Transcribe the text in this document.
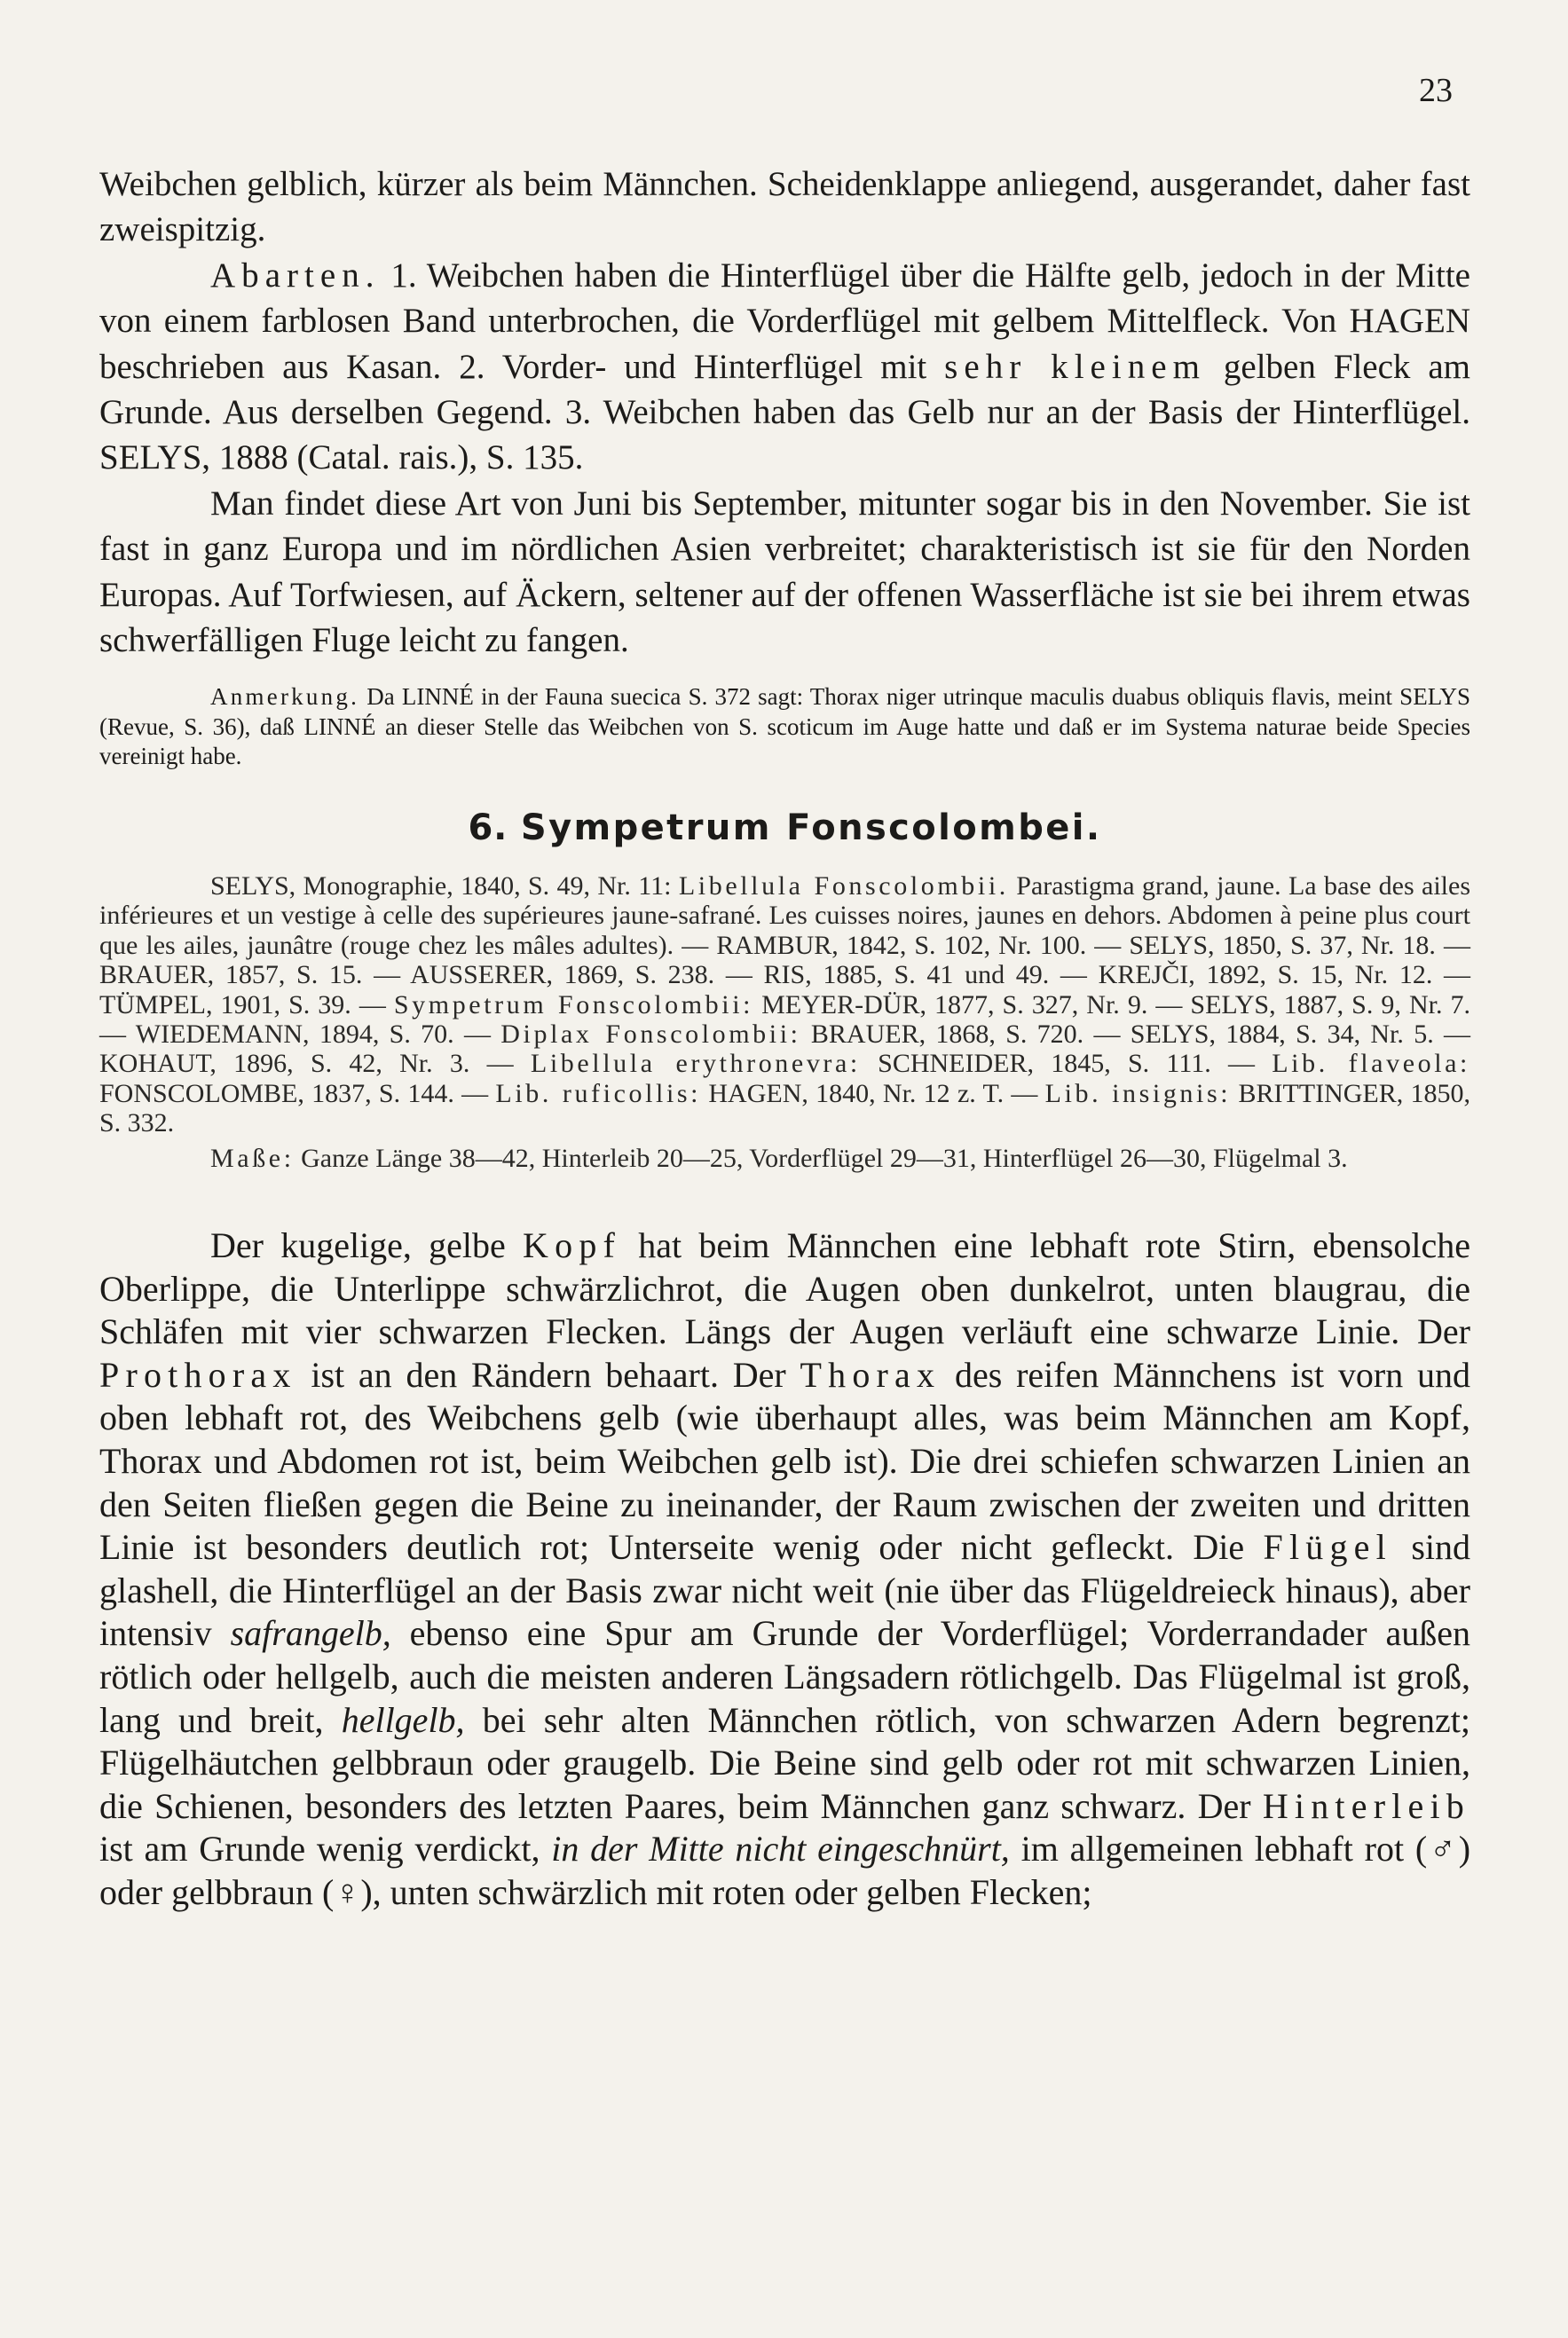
23

Weibchen gelblich, kürzer als beim Männchen. Scheidenklappe anliegend, ausgerandet, daher fast zweispitzig.

Abarten. 1. Weibchen haben die Hinterflügel über die Hälfte gelb, jedoch in der Mitte von einem farblosen Band unterbrochen, die Vorderflügel mit gelbem Mittelfleck. Von HAGEN beschrieben aus Kasan. 2. Vorder- und Hinterflügel mit sehr kleinem gelben Fleck am Grunde. Aus derselben Gegend. 3. Weibchen haben das Gelb nur an der Basis der Hinterflügel. SELYS, 1888 (Catal. rais.), S. 135.

Man findet diese Art von Juni bis September, mitunter sogar bis in den November. Sie ist fast in ganz Europa und im nördlichen Asien verbreitet; charakteristisch ist sie für den Norden Europas. Auf Torfwiesen, auf Äckern, seltener auf der offenen Wasserfläche ist sie bei ihrem etwas schwerfälligen Fluge leicht zu fangen.

Anmerkung. Da LINNÉ in der Fauna suecica S. 372 sagt: Thorax niger utrinque maculis duabus obliquis flavis, meint SELYS (Revue, S. 36), daß LINNÉ an dieser Stelle das Weibchen von S. scoticum im Auge hatte und daß er im Systema naturae beide Species vereinigt habe.

6. Sympetrum Fonscolombei.

SELYS, Monographie, 1840, S. 49, Nr. 11: Libellula Fonscolombii. Parastigma grand, jaune. La base des ailes inférieures et un vestige à celle des supérieures jaune-safrané. Les cuisses noires, jaunes en dehors. Abdomen à peine plus court que les ailes, jaunâtre (rouge chez les mâles adultes). — RAMBUR, 1842, S. 102, Nr. 100. — SELYS, 1850, S. 37, Nr. 18. — BRAUER, 1857, S. 15. — AUSSERER, 1869, S. 238. — RIS, 1885, S. 41 und 49. — KREJČI, 1892, S. 15, Nr. 12. — TÜMPEL, 1901, S. 39. — Sympetrum Fonscolombii: MEYER-DÜR, 1877, S. 327, Nr. 9. — SELYS, 1887, S. 9, Nr. 7. — WIEDEMANN, 1894, S. 70. — Diplax Fonscolombii: BRAUER, 1868, S. 720. — SELYS, 1884, S. 34, Nr. 5. — KOHAUT, 1896, S. 42, Nr. 3. — Libellula erythronevra: SCHNEIDER, 1845, S. 111. — Lib. flaveola: FONSCOLOMBE, 1837, S. 144. — Lib. ruficollis: HAGEN, 1840, Nr. 12 z. T. — Lib. insignis: BRITTINGER, 1850, S. 332.

Maße: Ganze Länge 38—42, Hinterleib 20—25, Vorderflügel 29—31, Hinterflügel 26—30, Flügelmal 3.

Der kugelige, gelbe Kopf hat beim Männchen eine lebhaft rote Stirn, ebensolche Oberlippe, die Unterlippe schwärzlichrot, die Augen oben dunkelrot, unten blaugrau, die Schläfen mit vier schwarzen Flecken. Längs der Augen verläuft eine schwarze Linie. Der Prothorax ist an den Rändern behaart. Der Thorax des reifen Männchens ist vorn und oben lebhaft rot, des Weibchens gelb (wie überhaupt alles, was beim Männchen am Kopf, Thorax und Abdomen rot ist, beim Weibchen gelb ist). Die drei schiefen schwarzen Linien an den Seiten fließen gegen die Beine zu ineinander, der Raum zwischen der zweiten und dritten Linie ist besonders deutlich rot; Unterseite wenig oder nicht gefleckt. Die Flügel sind glashell, die Hinterflügel an der Basis zwar nicht weit (nie über das Flügeldreieck hinaus), aber intensiv safrangelb, ebenso eine Spur am Grunde der Vorderflügel; Vorderrandader außen rötlich oder hellgelb, auch die meisten anderen Längsadern rötlichgelb. Das Flügelmal ist groß, lang und breit, hellgelb, bei sehr alten Männchen rötlich, von schwarzen Adern begrenzt; Flügelhäutchen gelbbraun oder graugelb. Die Beine sind gelb oder rot mit schwarzen Linien, die Schienen, besonders des letzten Paares, beim Männchen ganz schwarz. Der Hinterleib ist am Grunde wenig verdickt, in der Mitte nicht eingeschnürt, im allgemeinen lebhaft rot (♂) oder gelbbraun (♀), unten schwärzlich mit roten oder gelben Flecken;
